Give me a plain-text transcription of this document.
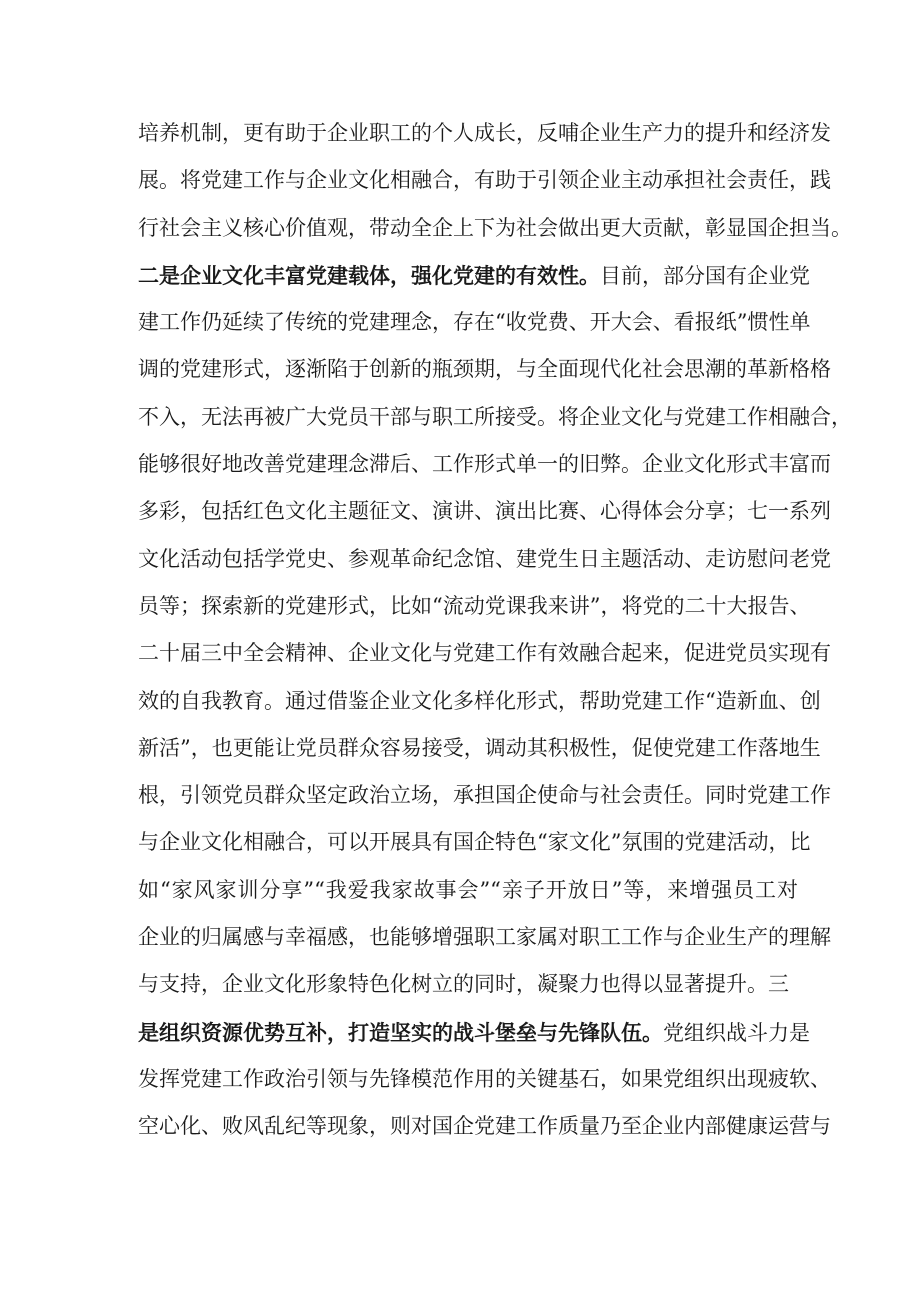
培养机制，更有助于企业职工的个人成长，反哺企业生产力的提升和经济发
展。将党建工作与企业文化相融合，有助于引领企业主动承担社会责任，践
行社会主义核心价值观，带动全企上下为社会做出更大贡献，彰显国企担当。
二是企业文化丰富党建载体，强化党建的有效性。目前，部分国有企业党
建工作仍延续了传统的党建理念，存在“收党费、开大会、看报纸”惯性单
调的党建形式，逐渐陷于创新的瓶颈期，与全面现代化社会思潮的革新格格
不入，无法再被广大党员干部与职工所接受。将企业文化与党建工作相融合，
能够很好地改善党建理念滞后、工作形式单一的旧弊。企业文化形式丰富而
多彩，包括红色文化主题征文、演讲、演出比赛、心得体会分享；七一系列
文化活动包括学党史、参观革命纪念馆、建党生日主题活动、走访慰问老党
员等；探索新的党建形式，比如“流动党课我来讲”，将党的二十大报告、
二十届三中全会精神、企业文化与党建工作有效融合起来，促进党员实现有
效的自我教育。通过借鉴企业文化多样化形式，帮助党建工作“造新血、创
新活”，也更能让党员群众容易接受，调动其积极性，促使党建工作落地生
根，引领党员群众坚定政治立场，承担国企使命与社会责任。同时党建工作
与企业文化相融合，可以开展具有国企特色“家文化”氛围的党建活动，比
如“家风家训分享”“我爱我家故事会”“亲子开放日”等，来增强员工对
企业的归属感与幸福感，也能够增强职工家属对职工工作与企业生产的理解
与支持，企业文化形象特色化树立的同时，凝聚力也得以显著提升。三
是组织资源优势互补，打造坚实的战斗堡垒与先锋队伍。党组织战斗力是
发挥党建工作政治引领与先锋模范作用的关键基石，如果党组织出现疲软、
空心化、败风乱纪等现象，则对国企党建工作质量乃至企业内部健康运营与
